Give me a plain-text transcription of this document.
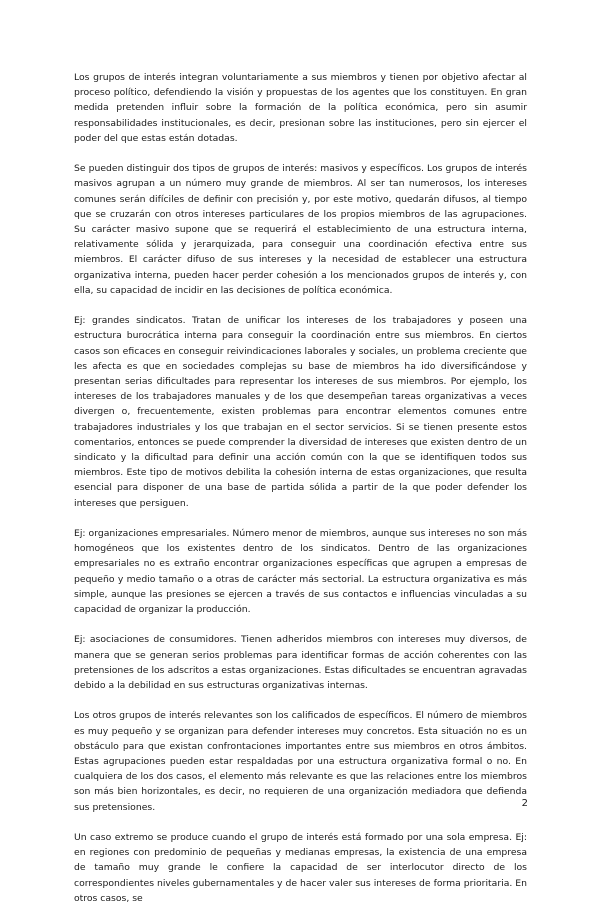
Los grupos de interés integran voluntariamente a sus miembros y tienen por objetivo afectar al proceso político, defendiendo la visión y propuestas de los agentes que los constituyen. En gran medida pretenden influir sobre la formación de la política económica, pero sin asumir responsabilidades institucionales, es decir, presionan sobre las instituciones, pero sin ejercer el poder del que estas están dotadas.

Se pueden distinguir dos tipos de grupos de interés: masivos y específicos. Los grupos de interés masivos agrupan a un número muy grande de miembros. Al ser tan numerosos, los intereses comunes serán difíciles de definir con precisión y, por este motivo, quedarán difusos, al tiempo que se cruzarán con otros intereses particulares de los propios miembros de las agrupaciones. Su carácter masivo supone que se requerirá el establecimiento de una estructura interna, relativamente sólida y jerarquizada, para conseguir una coordinación efectiva entre sus miembros. El carácter difuso de sus intereses y la necesidad de establecer una estructura organizativa interna, pueden hacer perder cohesión a los mencionados grupos de interés y, con ella, su capacidad de incidir en las decisiones de política económica.

Ej: grandes sindicatos. Tratan de unificar los intereses de los trabajadores y poseen una estructura burocrática interna para conseguir la coordinación entre sus miembros. En ciertos casos son eficaces en conseguir reivindicaciones laborales y sociales, un problema creciente que les afecta es que en sociedades complejas su base de miembros ha ido diversificándose y presentan serias dificultades para representar los intereses de sus miembros. Por ejemplo, los intereses de los trabajadores manuales y de los que desempeñan tareas organizativas a veces divergen o, frecuentemente, existen problemas para encontrar elementos comunes entre trabajadores industriales y los que trabajan en el sector servicios. Si se tienen presente estos comentarios, entonces se puede comprender la diversidad de intereses que existen dentro de un sindicato y la dificultad para definir una acción común con la que se identifiquen todos sus miembros. Este tipo de motivos debilita la cohesión interna de estas organizaciones, que resulta esencial para disponer de una base de partida sólida a partir de la que poder defender los intereses que persiguen.

Ej: organizaciones empresariales. Número menor de miembros, aunque sus intereses no son más homogéneos que los existentes dentro de los sindicatos. Dentro de las organizaciones empresariales no es extraño encontrar organizaciones específicas que agrupen a empresas de pequeño y medio tamaño o a otras de carácter más sectorial. La estructura organizativa es más simple, aunque las presiones se ejercen a través de sus contactos e influencias vinculadas a su capacidad de organizar la producción.

Ej: asociaciones de consumidores. Tienen adheridos miembros con intereses muy diversos, de manera que se generan serios problemas para identificar formas de acción coherentes con las pretensiones de los adscritos a estas organizaciones. Estas dificultades se encuentran agravadas debido a la debilidad en sus estructuras organizativas internas.

Los otros grupos de interés relevantes son los calificados de específicos. El número de miembros es muy pequeño y se organizan para defender intereses muy concretos. Esta situación no es un obstáculo para que existan confrontaciones importantes entre sus miembros en otros ámbitos. Estas agrupaciones pueden estar respaldadas por una estructura organizativa formal o no. En cualquiera de los dos casos, el elemento más relevante es que las relaciones entre los miembros son más bien horizontales, es decir, no requieren de una organización mediadora que defienda sus pretensiones.

Un caso extremo se produce cuando el grupo de interés está formado por una sola empresa. Ej: en regiones con predominio de pequeñas y medianas empresas, la existencia de una empresa de tamaño muy grande le confiere la capacidad de ser interlocutor directo de los correspondientes niveles gubernamentales y de hacer valer sus intereses de forma prioritaria. En otros casos, se

2
